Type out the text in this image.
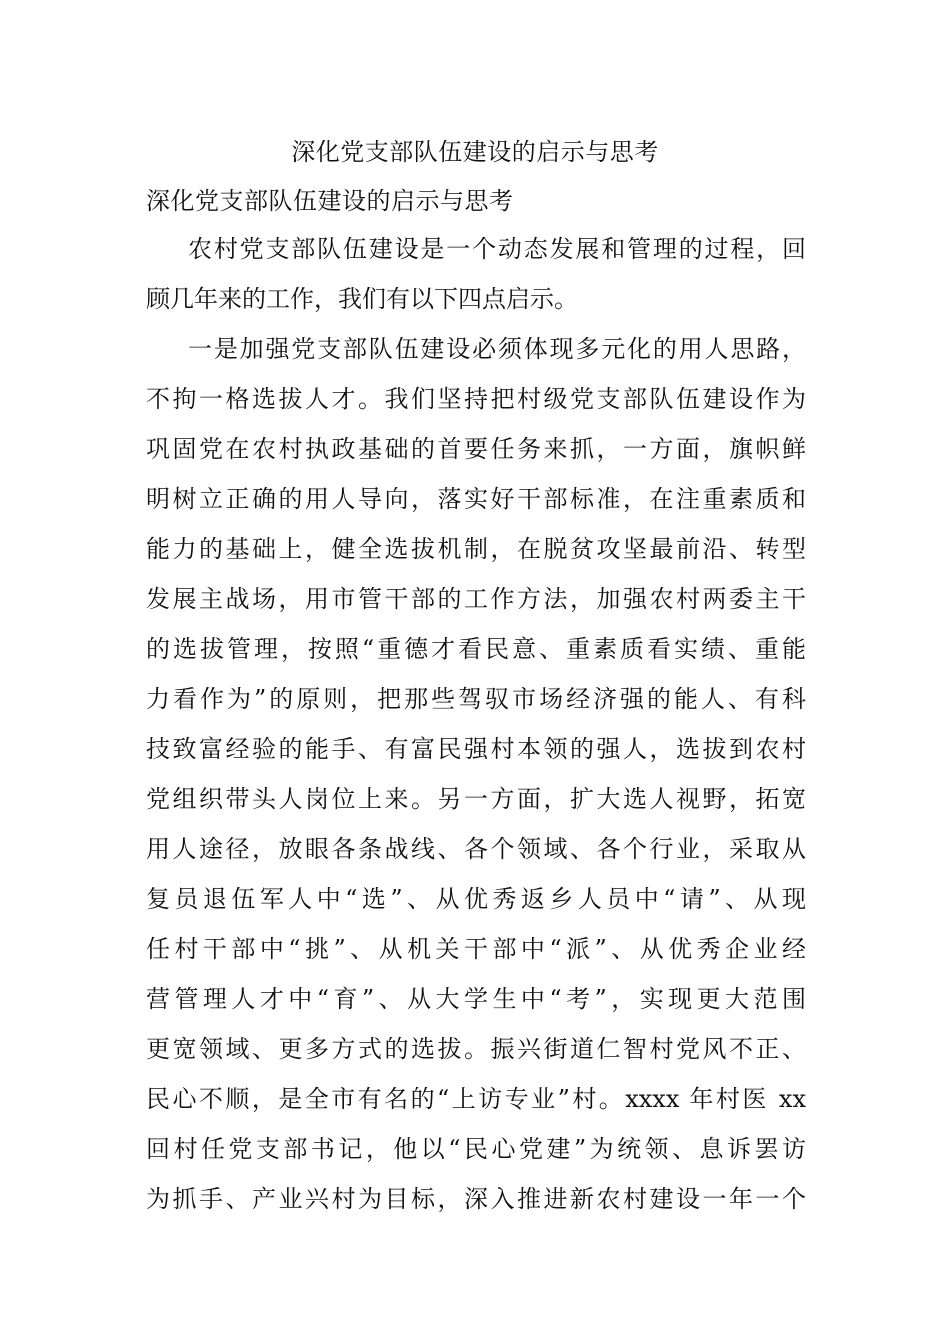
深化党支部队伍建设的启示与思考
深化党支部队伍建设的启示与思考
农村党支部队伍建设是一个动态发展和管理的过程，回
顾几年来的工作，我们有以下四点启示。
一是加强党支部队伍建设必须体现多元化的用人思路，
不拘一格选拔人才。我们坚持把村级党支部队伍建设作为
巩固党在农村执政基础的首要任务来抓，一方面，旗帜鲜
明树立正确的用人导向，落实好干部标准，在注重素质和
能力的基础上，健全选拔机制，在脱贫攻坚最前沿、转型
发展主战场，用市管干部的工作方法，加强农村两委主干
的选拔管理，按照“重德才看民意、重素质看实绩、重能
力看作为”的原则，把那些驾驭市场经济强的能人、有科
技致富经验的能手、有富民强村本领的强人，选拔到农村
党组织带头人岗位上来。另一方面，扩大选人视野，拓宽
用人途径，放眼各条战线、各个领域、各个行业，采取从
复员退伍军人中“选”、从优秀返乡人员中“请”、从现
任村干部中“挑”、从机关干部中“派”、从优秀企业经
营管理人才中“育”、从大学生中“考”，实现更大范围
更宽领域、更多方式的选拔。振兴街道仁智村党风不正、
民心不顺，是全市有名的“上访专业”村。xxxx 年村医 xx
回村任党支部书记，他以“民心党建”为统领、息诉罢访
为抓手、产业兴村为目标，深入推进新农村建设一年一个
